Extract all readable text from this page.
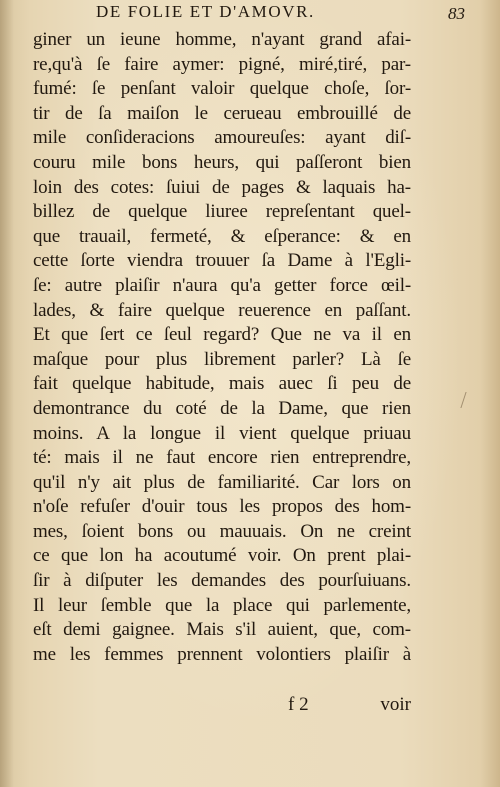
DE FOLIE ET D'AMOVR.	83
giner un ieune homme, n'ayant grand afai-
re,qu'à ſe faire aymer: pigné, miré,tiré, par-
fumé: ſe penſant valoir quelque choſe, ſor-
tir de ſa maiſon le cerueau embrouillé de
mile conſideracions amoureuſes: ayant diſ-
couru mile bons heurs, qui paſſeront bien
loin des cotes: ſuiui de pages & laquais ha-
billez de quelque liuree repreſentant quel-
que trauail, fermeté, & eſperance: & en
cette ſorte viendra trouuer ſa Dame à l'Egli-
ſe: autre plaiſir n'aura qu'a getter force œil-
lades, & faire quelque reuerence en paſſant.
Et que ſert ce ſeul regard? Que ne va il en
maſque pour plus librement parler? Là ſe
fait quelque habitude, mais auec ſi peu de
demontrance du coté de la Dame, que rien
moins. A la longue il vient quelque priuau
té: mais il ne faut encore rien entreprendre,
qu'il n'y ait plus de familiarité. Car lors on
n'oſe refuſer d'ouir tous les propos des hom-
mes, ſoient bons ou mauuais. On ne creint
ce que lon ha acoutumé voir. On prent plai-
ſir à diſputer les demandes des pourſuiuans.
Il leur ſemble que la place qui parlemente,
eſt demi gaignee. Mais s'il auient, que, com-
me les femmes prennent volontiers plaiſir à
f 2	voir
